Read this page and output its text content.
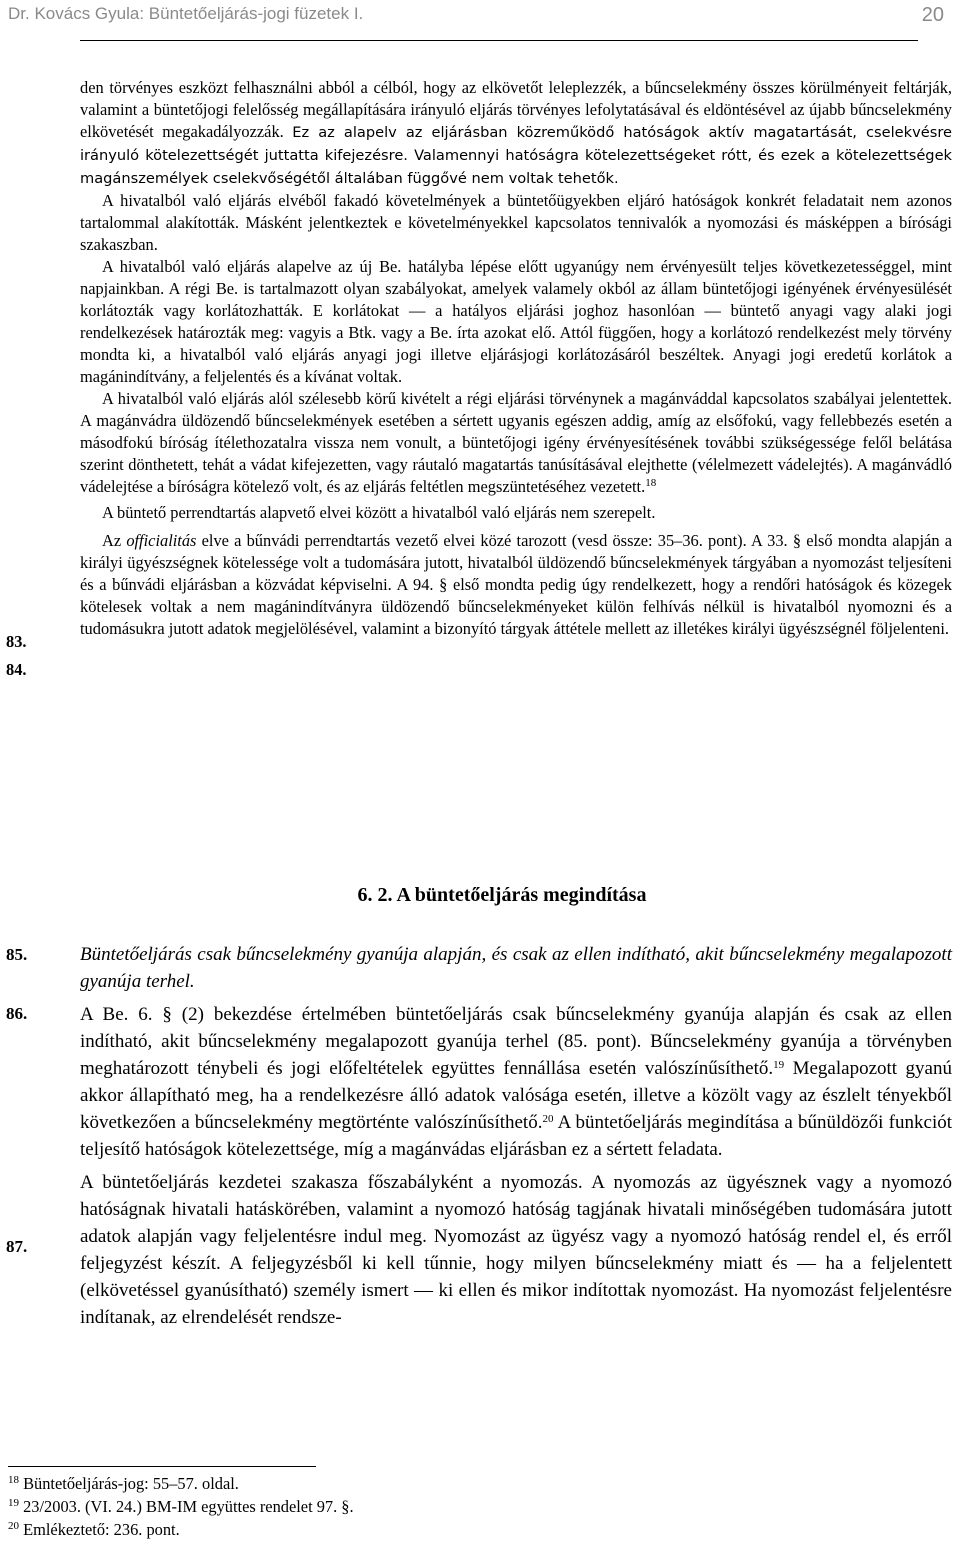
Dr. Kovács Gyula: Büntetőeljárás-jogi füzetek I.	20
83.
84.

den törvényes eszközt felhasználni abból a célból, hogy az elkövetőt leleplezzék, a bűncselekmény összes körülményeit feltárják, valamint a büntetőjogi felelősség megállapítására irányuló eljárás törvényes lefolytatásával és eldöntésével az újabb bűncselekmény elkövetését megakadályozzák. Ez az alapelv az eljárásban közreműködő hatóságok aktív magatartását, cselekvésre irányuló kötelezettségét juttatta kifejezésre. Valamennyi hatóságra kötelezettségeket rótt, és ezek a kötelezettségek magánszemélyek cselekvőségétől általában függővé nem voltak tehetők.

A hivatalból való eljárás elvéből fakadó követelmények a büntetőügyekben eljáró hatóságok konkrét feladatait nem azonos tartalommal alakították. Másként jelentkeztek e követelményekkel kapcsolatos tennivalók a nyomozási és másképpen a bírósági szakaszban.

A hivatalból való eljárás alapelve az új Be. hatályba lépése előtt ugyanúgy nem érvényesült teljes következetességgel, mint napjainkban. A régi Be. is tartalmazott olyan szabályokat, amelyek valamely okból az állam büntetőjogi igényének érvényesülését korlátozták vagy korlátozhatták. E korlátokat — a hatályos eljárási joghoz hasonlóan — büntető anyagi vagy alaki jogi rendelkezések határozták meg: vagyis a Btk. vagy a Be. írta azokat elő. Attól függően, hogy a korlátozó rendelkezést mely törvény mondta ki, a hivatalból való eljárás anyagi jogi illetve eljárásjogi korlátozásáról beszéltek. Anyagi jogi eredetű korlátok a magánindítvány, a feljelentés és a kívánat voltak.

A hivatalból való eljárás alól szélesebb körű kivételt a régi eljárási törvénynek a magánváddal kapcsolatos szabályai jelentettek. A magánvádra üldözendő bűncselekmények esetében a sértett ugyanis egészen addig, amíg az elsőfokú, vagy fellebbezés esetén a másodfokú bíróság ítélethozatalra vissza nem vonult, a büntetőjogi igény érvényesítésének további szükségessége felől belátása szerint dönthetett, tehát a vádat kifejezetten, vagy ráutaló magatartás tanúsításával elejthette (vélelmezett vádelejtés). A magánvádló vádelejtése a bíróságra kötelező volt, és az eljárás feltétlen megszüntetéséhez vezetett.$^{18}$

A büntető perrendtartás alapvető elvei között a hivatalból való eljárás nem szerepelt.

Az officialitás elve a bűnvádi perrendtartás vezető elvei közé tarozott (vesd össze: 35–36. pont). A 33. § első mondta alapján a királyi ügyészségnek kötelessége volt a tudomására jutott, hivatalból üldözendő bűncselekmények tárgyában a nyomozást teljesíteni és a bűnvádi eljárásban a közvádat képviselni. A 94. § első mondta pedig úgy rendelkezett, hogy a rendőri hatóságok és közegek kötelesek voltak a nem magánindítványra üldözendő bűncselekményeket külön felhívás nélkül is hivatalból nyomozni és a tudomásukra jutott adatok megjelölésével, valamint a bizonyító tárgyak áttétele mellett az illetékes királyi ügyészségnél följelenteni.

6. 2. A büntetőeljárás megindítása
85.
86.
87.

Büntetőeljárás csak bűncselekmény gyanúja alapján, és csak az ellen indítható, akit bűncselekmény megalapozott gyanúja terhel.

A Be. 6. § (2) bekezdése értelmében büntetőeljárás csak bűncselekmény gyanúja alapján és csak az ellen indítható, akit bűncselekmény megalapozott gyanúja terhel (85. pont). Bűncselekmény gyanúja a törvényben meghatározott ténybeli és jogi előfeltételek együttes fennállása esetén valószínűsíthető.$^{19}$ Megalapozott gyanú akkor állapítható meg, ha a rendelkezésre álló adatok valósága esetén, illetve a közölt vagy az észlelt tényekből következően a bűncselekmény megtörténte valószínűsíthető.$^{20}$ A büntetőeljárás megindítása a bűnüldözői funkciót teljesítő hatóságok kötelezettsége, míg a magánvádas eljárásban ez a sértett feladata.

A büntetőeljárás kezdetei szakasza főszabályként a nyomozás. A nyomozás az ügyésznek vagy a nyomozó hatóságnak hivatali hatáskörében, valamint a nyomozó hatóság tagjának hivatali minőségében tudomására jutott adatok alapján vagy feljelentésre indul meg. Nyomozást az ügyész vagy a nyomozó hatóság rendel el, és erről feljegyzést készít. A feljegyzésből ki kell tűnnie, hogy milyen bűncselekmény miatt és — ha a feljelentett (elkövetéssel gyanúsítható) személy ismert — ki ellen és mikor indítottak nyomozást. Ha nyomozást feljelentésre indítanak, az elrendelését rendsze-

$^{18}$ Büntetőeljárás-jog: 55–57. oldal.
$^{19}$ 23/2003. (VI. 24.) BM-IM együttes rendelet 97. §.
$^{20}$ Emlékeztető: 236. pont.
